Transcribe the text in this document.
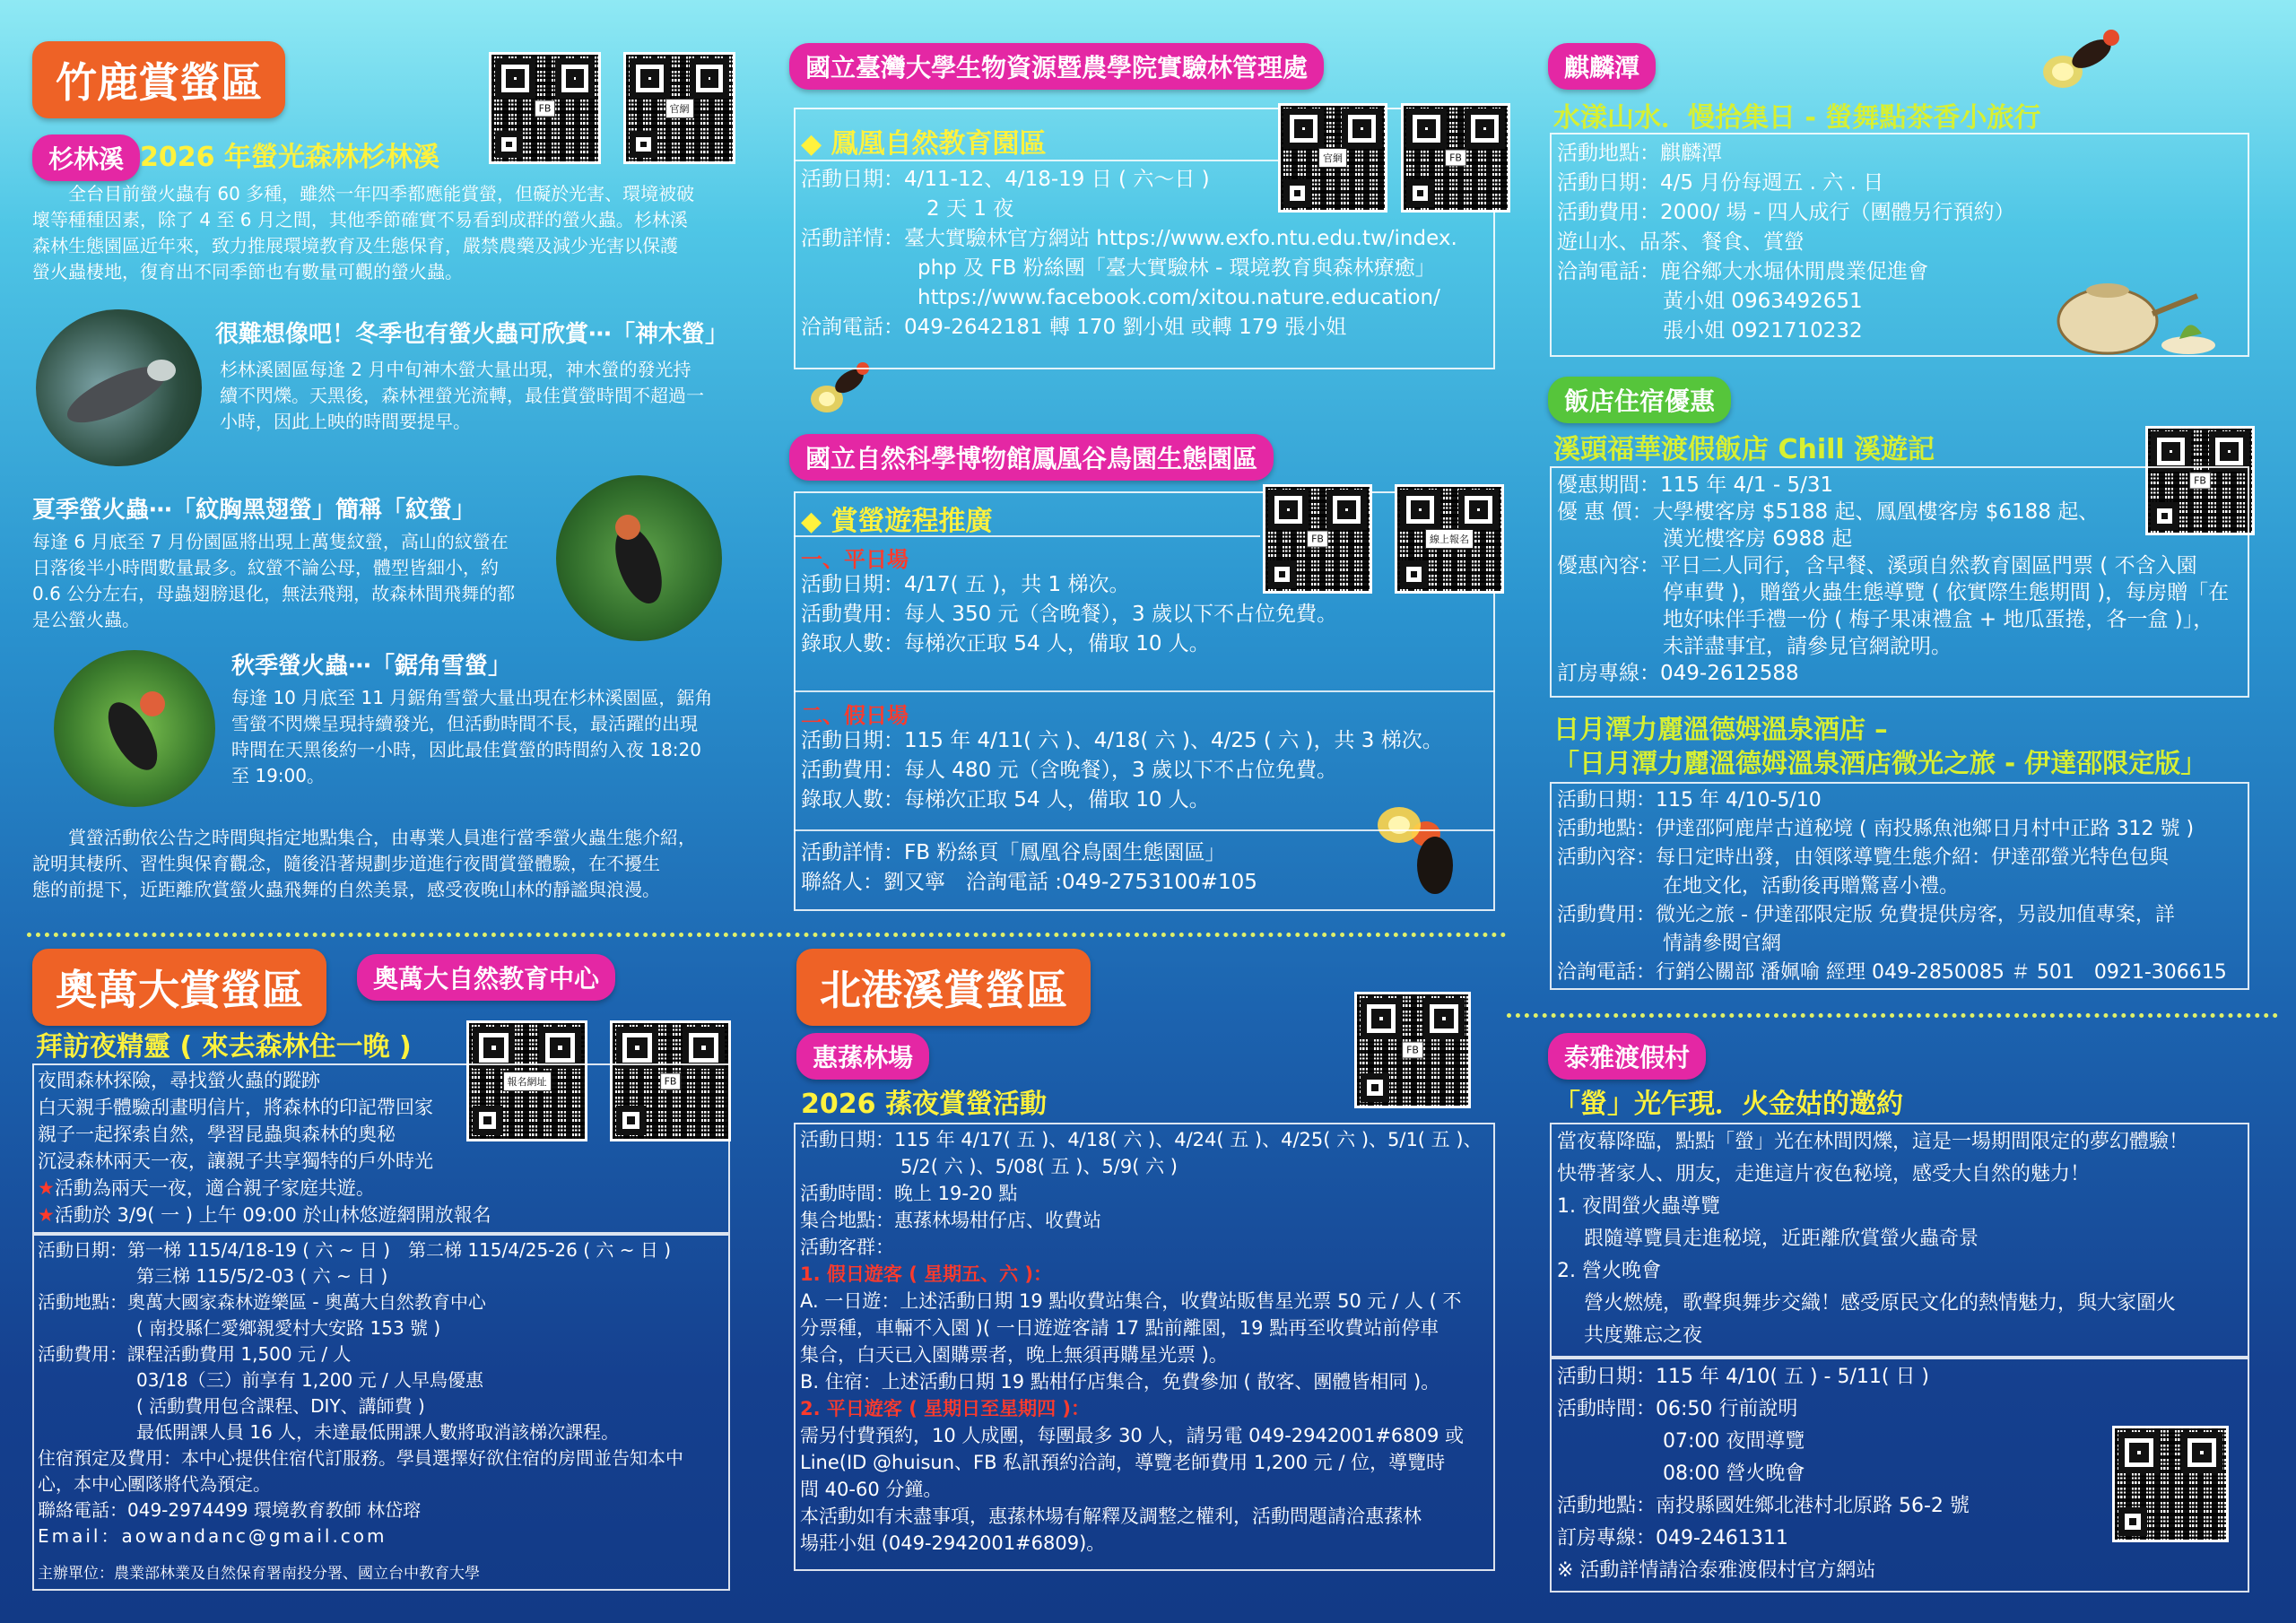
竹鹿賞螢區
FB	官網
杉林溪 2026 年螢光森林杉林溪
全台目前螢火蟲有 60 多種，雖然一年四季都應能賞螢，但礙於光害、環境被破
壞等種種因素，除了 4 至 6 月之間，其他季節確實不易看到成群的螢火蟲。杉林溪
森林生態園區近年來，致力推展環境教育及生態保育，嚴禁農藥及減少光害以保護
螢火蟲棲地，復育出不同季節也有數量可觀的螢火蟲。
很難想像吧！冬季也有螢火蟲可欣賞⋯「神木螢」
杉林溪園區每逢 2 月中旬神木螢大量出現，神木螢的發光持
續不閃爍。天黑後，森林裡螢光流轉，最佳賞螢時間不超過一
小時，因此上映的時間要提早。
夏季螢火蟲⋯「紋胸黑翅螢」簡稱「紋螢」
每逢 6 月底至 7 月份園區將出現上萬隻紋螢，高山的紋螢在
日落後半小時間數量最多。紋螢不論公母，體型皆細小，約
0.6 公分左右，母蟲翅膀退化，無法飛翔，故森林間飛舞的都
是公螢火蟲。
秋季螢火蟲⋯「鋸角雪螢」
每逢 10 月底至 11 月鋸角雪螢大量出現在杉林溪園區，鋸角
雪螢不閃爍呈現持續發光，但活動時間不長，最活躍的出現
時間在天黑後約一小時，因此最佳賞螢的時間約入夜 18:20
至 19:00。
賞螢活動依公告之時間與指定地點集合，由專業人員進行當季螢火蟲生態介紹，
說明其棲所、習性與保育觀念，隨後沿著規劃步道進行夜間賞螢體驗，在不擾生
態的前提下，近距離欣賞螢火蟲飛舞的自然美景，感受夜晚山林的靜謐與浪漫。
國立臺灣大學生物資源暨農學院實驗林管理處
◆ 鳳凰自然教育園區	官網	FB
活動日期：4/11-12、4/18-19 日 ( 六～日 )
2 天 1 夜
活動詳情：臺大實驗林官方網站 https://www.exfo.ntu.edu.tw/index.
php 及 FB 粉絲團「臺大實驗林 - 環境教育與森林療癒」
https://www.facebook.com/xitou.nature.education/
洽詢電話：049-2642181 轉 170 劉小姐 或轉 179 張小姐
國立自然科學博物館鳳凰谷鳥園生態園區
◆ 賞螢遊程推廣
FB	線上報名
一、平日場
活動日期：4/17( 五 )，共 1 梯次。
活動費用：每人 350 元（含晚餐），3 歲以下不占位免費。
錄取人數：每梯次正取 54 人，備取 10 人。
二、假日場
活動日期：115 年 4/11( 六 )、4/18( 六 )、4/25 ( 六 )，共 3 梯次。
活動費用：每人 480 元（含晚餐），3 歲以下不占位免費。
錄取人數：每梯次正取 54 人，備取 10 人。
活動詳情：FB 粉絲頁「鳳凰谷鳥園生態園區」
聯絡人：劉又寧　洽詢電話 :049-2753100#105
麒麟潭
水漾山水．慢拾集日 - 螢舞點茶香小旅行
活動地點：麒麟潭
活動日期：4/5 月份每週五 . 六 . 日
活動費用：2000/ 場 - 四人成行（團體另行預約）
遊山水、品茶、餐食、賞螢
洽詢電話：鹿谷鄉大水堀休閒農業促進會
黃小姐 0963492651
張小姐 0921710232
飯店住宿優惠
溪頭福華渡假飯店 Chill 溪遊記
FB
優惠期間：115 年 4/1 - 5/31
優 惠 價：大學樓客房 $5188 起、鳳凰樓客房 $6188 起、
漢光樓客房 6988 起
優惠內容：平日二人同行，含早餐、溪頭自然教育園區門票 ( 不含入園
停車費 )，贈螢火蟲生態導覽 ( 依實際生態期間 )，每房贈「在
地好味伴手禮一份 ( 梅子果凍禮盒 + 地瓜蛋捲，各一盒 )」，
未詳盡事宜，請參見官網說明。
訂房專線：049-2612588
日月潭力麗溫德姆溫泉酒店 –
「日月潭力麗溫德姆溫泉酒店微光之旅 - 伊達邵限定版」
活動日期：115 年 4/10-5/10
活動地點：伊達邵阿鹿岸古道秘境 ( 南投縣魚池鄉日月村中正路 312 號 )
活動內容：每日定時出發，由領隊導覽生態介紹：伊達邵螢光特色包與
在地文化，活動後再贈驚喜小禮。
活動費用：微光之旅 - 伊達邵限定版 免費提供房客，另設加值專案，詳
情請參閱官網
洽詢電話：行銷公關部 潘姵喻 經理 049-2850085 ＃ 501　0921-306615
奧萬大賞螢區	奧萬大自然教育中心
拜訪夜精靈 ( 來去森林住一晚 )
報名網址	FB
夜間森林探險，尋找螢火蟲的蹤跡
白天親手體驗刮畫明信片，將森林的印記帶回家
親子一起探索自然，學習昆蟲與森林的奧秘
沉浸森林兩天一夜，讓親子共享獨特的戶外時光
★活動為兩天一夜，適合親子家庭共遊。
★活動於 3/9( 一 ) 上午 09:00 於山林悠遊網開放報名
活動日期：第一梯 115/4/18-19 ( 六 ~ 日 )　第二梯 115/4/25-26 ( 六 ~ 日 )
第三梯 115/5/2-03 ( 六 ~ 日 )
活動地點：奧萬大國家森林遊樂區 - 奧萬大自然教育中心
( 南投縣仁愛鄉親愛村大安路 153 號 )
活動費用：課程活動費用 1,500 元 / 人
03/18（三）前享有 1,200 元 / 人早鳥優惠
( 活動費用包含課程、DIY、講師費 )
最低開課人員 16 人，未達最低開課人數將取消該梯次課程。
住宿預定及費用：本中心提供住宿代訂服務。學員選擇好欲住宿的房間並告知本中
心，本中心團隊將代為預定。
聯絡電話：049-2974499 環境教育教師 林岱瑢
Email：aowandanc@gmail.com
主辦單位：農業部林業及自然保育署南投分署、國立台中教育大學
北港溪賞螢區
惠蓀林場	FB
2026 蓀夜賞螢活動
活動日期：115 年 4/17( 五 )、4/18( 六 )、4/24( 五 )、4/25( 六 )、5/1( 五 )、
5/2( 六 )、5/08( 五 )、5/9( 六 )
活動時間：晚上 19-20 點
集合地點：惠蓀林場柑仔店、收費站
活動客群：
1. 假日遊客 ( 星期五、六 )：
A. 一日遊：上述活動日期 19 點收費站集合，收費站販售星光票 50 元 / 人 ( 不
分票種，車輛不入園 )( 一日遊遊客請 17 點前離園，19 點再至收費站前停車
集合，白天已入園購票者，晚上無須再購星光票 )。
B. 住宿：上述活動日期 19 點柑仔店集合，免費參加 ( 散客、團體皆相同 )。
2. 平日遊客 ( 星期日至星期四 )：
需另付費預約，10 人成團，每團最多 30 人，請另電 049-2942001#6809 或
Line(ID @huisun、FB 私訊預約洽詢，導覽老師費用 1,200 元 / 位，導覽時
間 40-60 分鐘。
本活動如有未盡事項，惠蓀林場有解釋及調整之權利，活動問題請洽惠蓀林
場莊小姐 (049-2942001#6809)。
泰雅渡假村
「螢」光乍現．火金姑的邀約
當夜幕降臨，點點「螢」光在林間閃爍，這是一場期間限定的夢幻體驗！
快帶著家人、朋友，走進這片夜色秘境，感受大自然的魅力！
1. 夜間螢火蟲導覽
跟隨導覽員走進秘境，近距離欣賞螢火蟲奇景
2. 營火晚會
營火燃燒，歌聲與舞步交織！感受原民文化的熱情魅力，與大家圍火
共度難忘之夜
活動日期：115 年 4/10( 五 ) - 5/11( 日 )
活動時間：06:50 行前說明
07:00 夜間導覽
08:00 營火晚會
活動地點：南投縣國姓鄉北港村北原路 56-2 號
訂房專線：049-2461311
※ 活動詳情請洽泰雅渡假村官方網站
